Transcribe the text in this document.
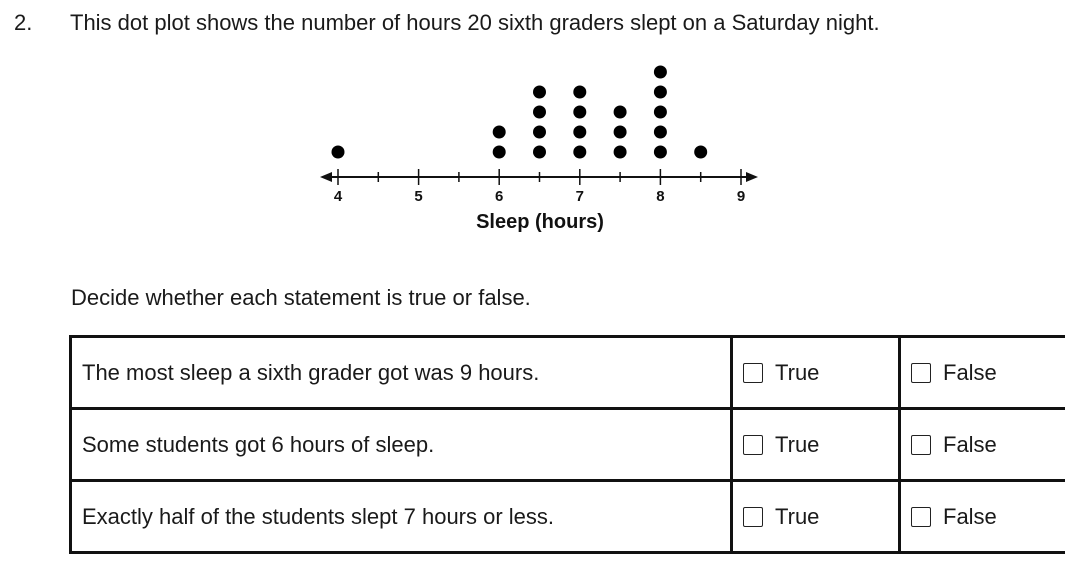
2. This dot plot shows the number of hours 20 sixth graders slept on a Saturday night.
4	5	6	7	8	9
Sleep (hours)
Decide whether each statement is true or false.
The most sleep a sixth grader got was 9 hours.	True	False

Some students got 6 hours of sleep.	True	False

Exactly half of the students slept 7 hours or less.	True	False
